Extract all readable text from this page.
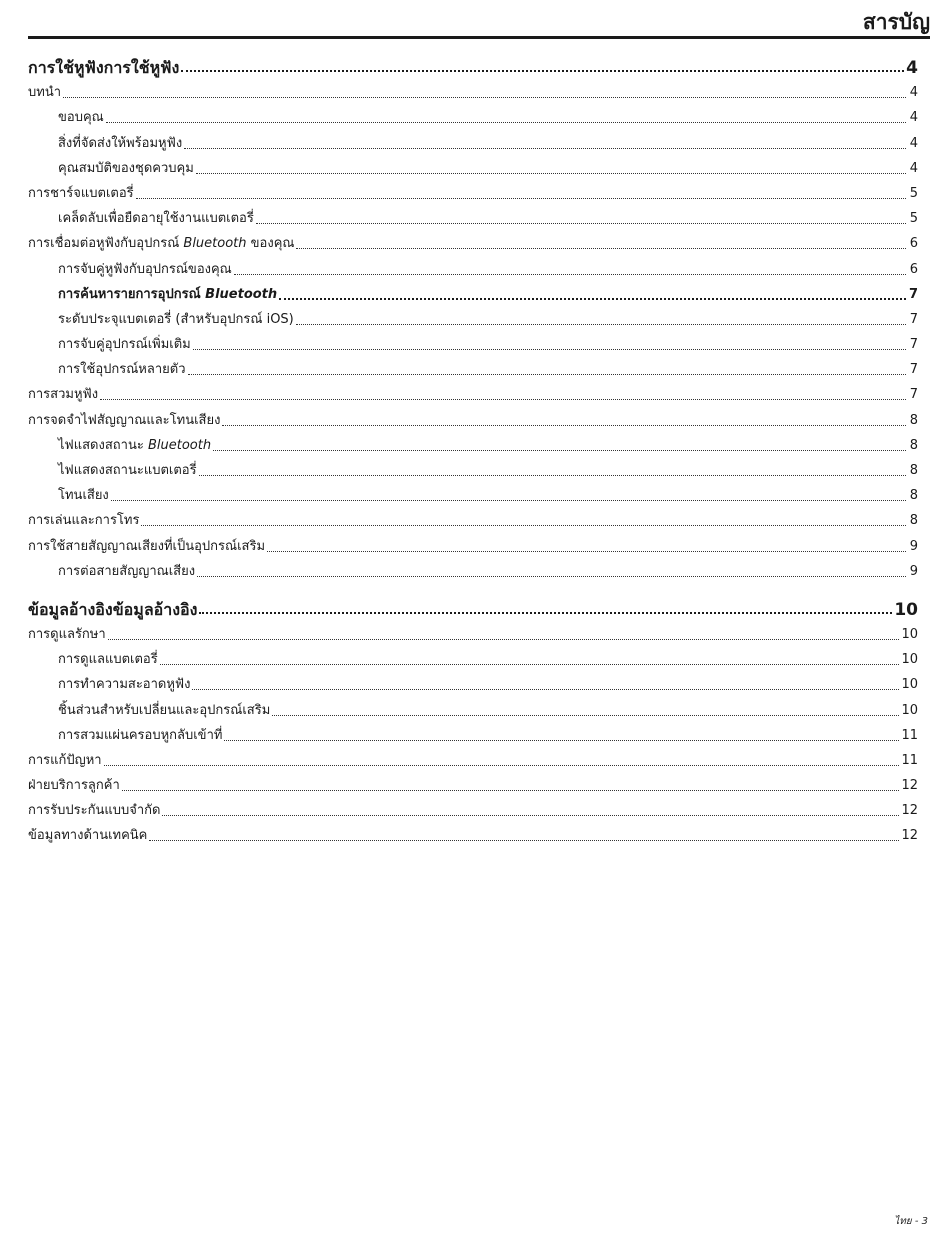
สารบัญ
การใช้หูฟังการใช้หูฟัง	4
บทนำ	4
ขอบคุณ	4
สิ่งที่จัดส่งให้พร้อมหูฟัง	4
คุณสมบัติของชุดควบคุม	4
การชาร์จแบตเตอรี่	5
เคล็ดลับเพื่อยืดอายุใช้งานแบตเตอรี่	5
การเชื่อมต่อหูฟังกับอุปกรณ์ Bluetooth ของคุณ	6
การจับคู่หูฟังกับอุปกรณ์ของคุณ	6
การค้นหารายการอุปกรณ์ Bluetooth	7
ระดับประจุแบตเตอรี่ (สำหรับอุปกรณ์ iOS)	7
การจับคู่อุปกรณ์เพิ่มเติม	7
การใช้อุปกรณ์หลายตัว	7
การสวมหูฟัง	7
การจดจำไฟสัญญาณและโทนเสียง	8
ไฟแสดงสถานะ Bluetooth	8
ไฟแสดงสถานะแบตเตอรี่	8
โทนเสียง	8
การเล่นและการโทร	8
การใช้สายสัญญาณเสียงที่เป็นอุปกรณ์เสริม	9
การต่อสายสัญญาณเสียง	9
ข้อมูลอ้างอิงข้อมูลอ้างอิง	10
การดูแลรักษา	10
การดูแลแบตเตอรี่	10
การทำความสะอาดหูฟัง	10
ชิ้นส่วนสำหรับเปลี่ยนและอุปกรณ์เสริม	10
การสวมแผ่นครอบหูกลับเข้าที่	11
การแก้ปัญหา	11
ฝ่ายบริการลูกค้า	12
การรับประกันแบบจำกัด	12
ข้อมูลทางด้านเทคนิค	12
ไทย - 3
